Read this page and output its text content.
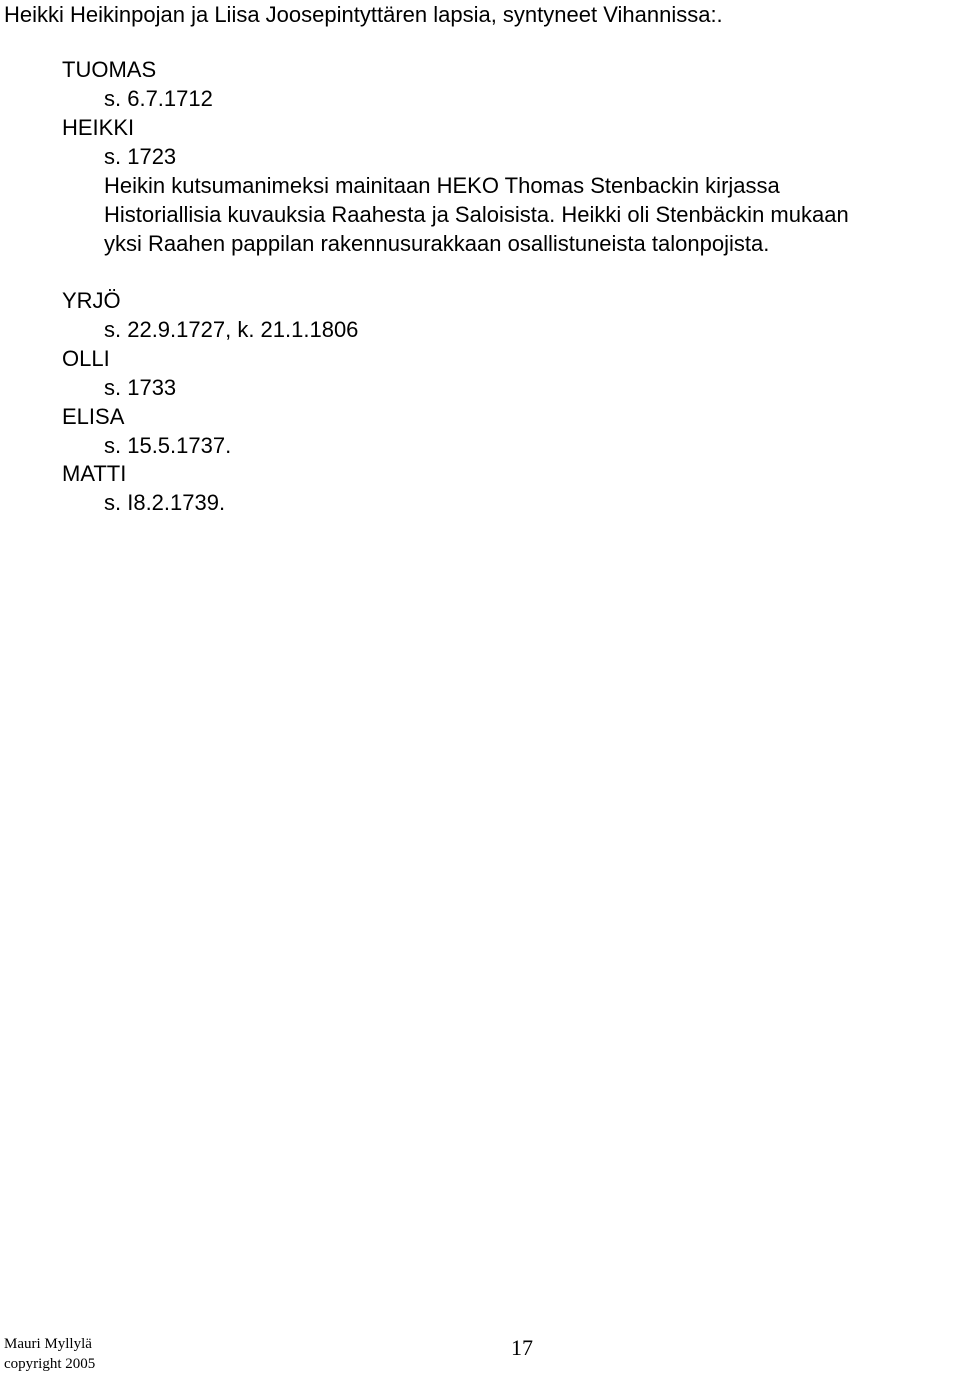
Heikki Heikinpojan ja Liisa Joosepintyttären lapsia, syntyneet Vihannissa:.
TUOMAS
s. 6.7.1712
HEIKKI
s. 1723
Heikin kutsumanimeksi mainitaan HEKO Thomas Stenbackin kirjassa
Historiallisia kuvauksia Raahesta ja Saloisista. Heikki oli Stenbäckin mukaan
yksi Raahen pappilan rakennusurakkaan osallistuneista talonpojista.
YRJÖ
s. 22.9.1727, k. 21.1.1806
OLLI
s. 1733
ELISA
s. 15.5.1737.
MATTI
s. I8.2.1739.
Mauri Myllylä
copyright 2005
17
